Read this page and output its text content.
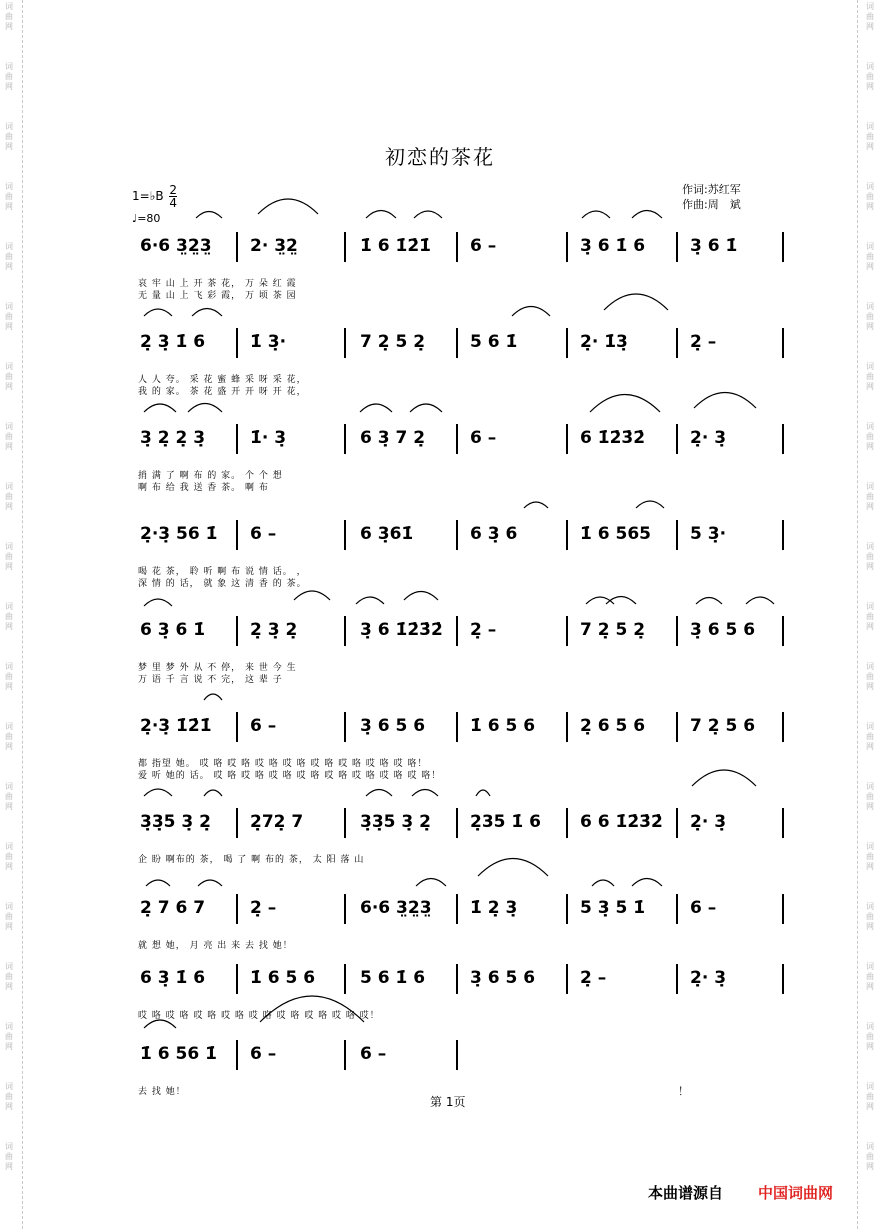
词
曲
网
词
曲
网
词
曲
网
词
曲
网
词
曲
网
词
曲
网
词
曲
网
词
曲
网
词
曲
网
词
曲
网
词
曲
网
词
曲
网
词
曲
网
词
曲
网
词
曲
网
词
曲
网
词
曲
网
词
曲
网
词
曲
网
词
曲
网
词
曲
网
词
曲
网
词
曲
网
词
曲
网
词
曲
网
词
曲
网
词
曲
网
词
曲
网
词
曲
网
词
曲
网
词
曲
网
词
曲
网
词
曲
网
词
曲
网
词
曲
网
词
曲
网
词
曲
网
词
曲
网
词
曲
网
词
曲
网
初恋的茶花
1=♭B $\frac{2}{4}$
♩=80
作词:苏红军
作曲:周　斌
6·6 3̤2̤3̤ 2· 3̤2̤	1̇ 6 1̇2̇1̇ 6 –	3̣ 6 1̇ 6	3̣ 6 1̇
哀 牢 山 上 开 茶 花， 万 朵 红 霞
无 量 山 上 飞 彩 霞， 万 顷 茶 园
2̣ 3̣ 1̇ 6	1̇ 3̣·	7 2̣ 5 2̣	5 6 1̇	2̣· 1̇3̣	2̣ –
人 人 夸。 采 花 蜜 蜂 采 呀 采 花，
我 的 家。 茶 花 盛 开 开 呀 开 花，
3̣ 2̣ 2̣ 3̣	1̇· 3̣	6 3̣ 7 2̣	6 –	6 1̇2̇3̇2̇	2̣· 3̣
捎 满 了 啊 布 的 家。 个 个 想
啊 布 给 我 送 香 茶。 啊 布
2̣·3̣ 56 1̇ 6 –	6 3̣61̇	6 3̣ 6	1̇ 6 565 5 3̣·
喝 花 茶， 聆 听 啊 布 说 情 话。 ，
深 情 的 话， 就 象 这 清 香 的 茶。
6 3̣ 6 1̇	2̣ 3̣ 2̣	3̣ 6 1̇2̇3̇2̇ 2̣ –	7 2̣ 5 2̣	3̣ 6 5 6
梦 里 梦 外 从 不 停， 来 世 今 生
万 语 千 言 说 不 完， 这 辈 子
2̣·3̣ 1̇2̇1̇ 6 –	3̣ 6 5 6	1̇ 6 5 6	2̣ 6 5 6	7 2̣ 5 6
都 指望 她。 哎 咯 哎 咯 哎 咯 哎 咯 哎 咯 哎 咯 哎 咯 哎 咯！
爱 听 她的 话。 哎 咯 哎 咯 哎 咯 哎 咯 哎 咯 哎 咯 哎 咯 哎 咯！
3̣3̣5 3̣ 2̣ 2̣72̣ 7	3̣3̣5 3̣ 2̣ 2̣35 1̇ 6 6 6 1̇2̇3̇2̇ 2̣· 3̣
企 盼 啊布的 茶， 喝 了 啊 布的 茶， 太 阳 落 山
2̣ 7 6 7	2̣ –	6·6 3̤2̤3̤ 1̇ 2̣ 3̣	5 3̣ 5 1̇	6 –
就 想 她， 月 亮 出 来 去 找 她！
6 3̣ 1̇ 6	1̇ 6 5 6	5 6 1̇ 6	3̣ 6 5 6	2̣ –	2̣· 3̣
哎 咯 哎 咯 哎 咯 哎 咯 哎 咯 哎 咯 哎 咯 哎 咯 哎！
1̇ 6 56 1̇ 6 –	6 –
去 找 她！
第 1页
！
本曲谱源自 中国词曲网
